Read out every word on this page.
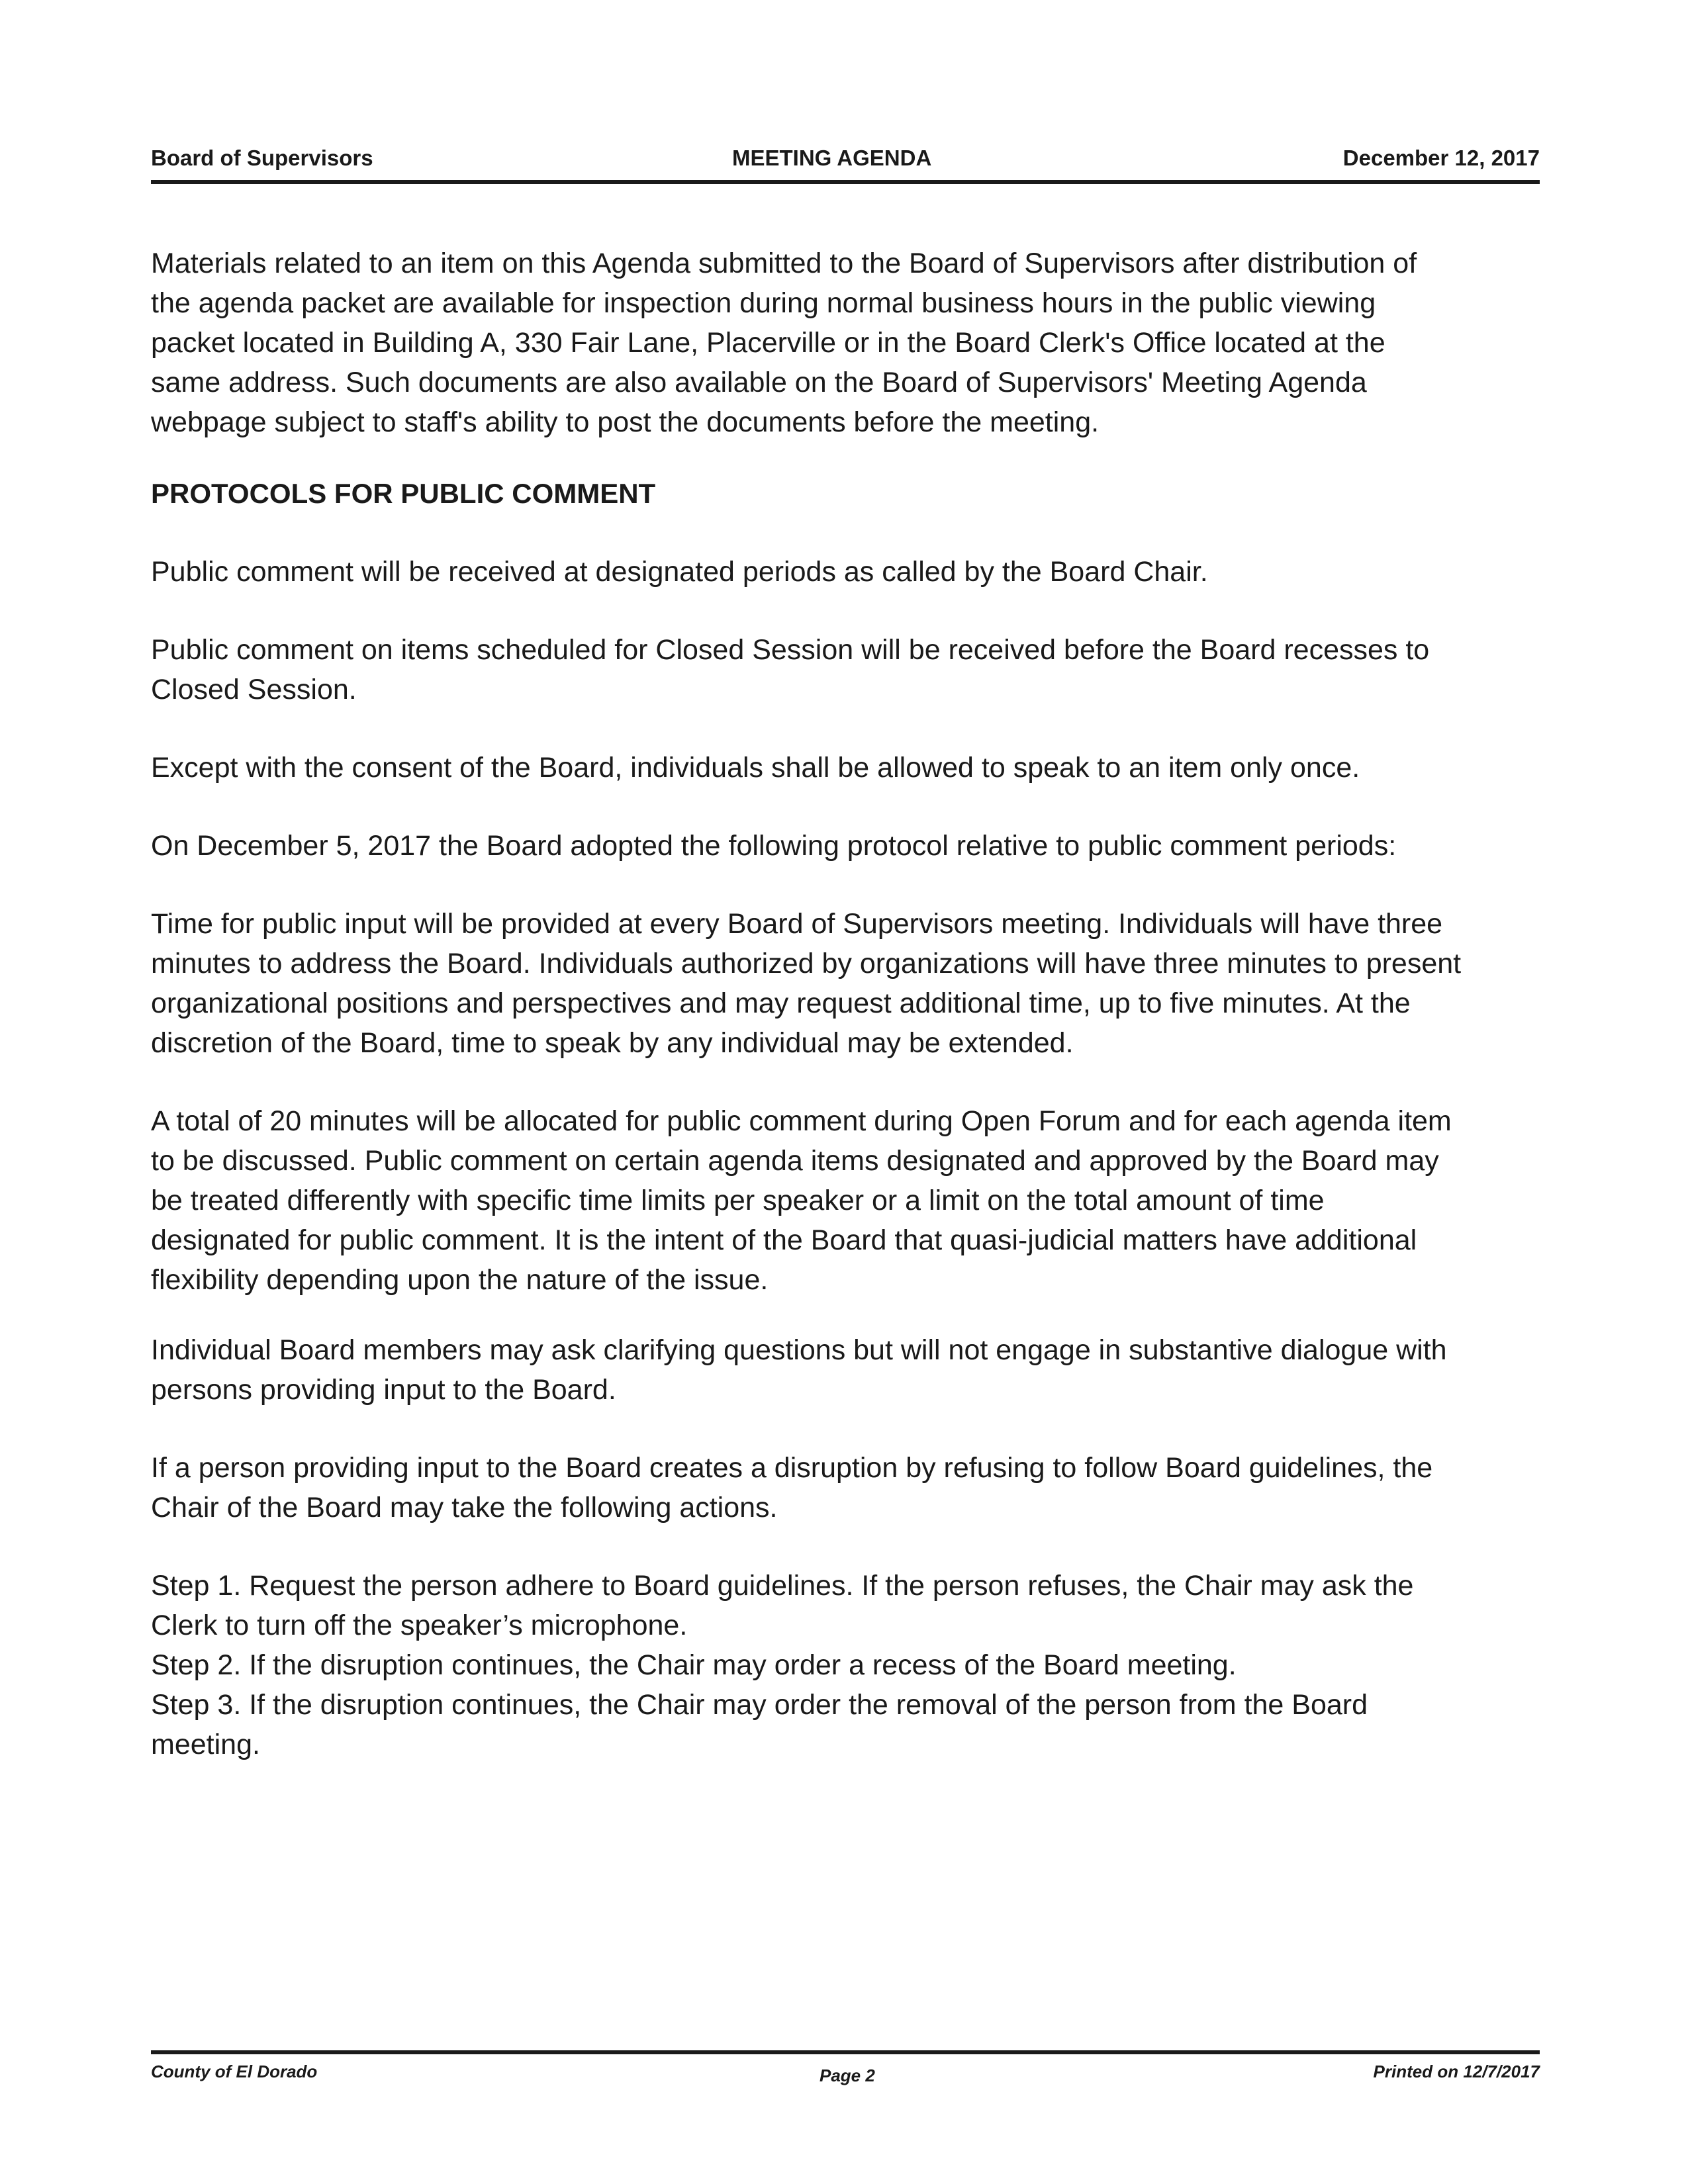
Board of Supervisors	MEETING AGENDA	December 12, 2017

Materials related to an item on this Agenda submitted to the Board of Supervisors after distribution of the agenda packet are available for inspection during normal business hours in the public viewing packet located in Building A, 330 Fair Lane, Placerville or in the Board Clerk's Office located at the same address. Such documents are also available on the Board of Supervisors' Meeting Agenda webpage subject to staff's ability to post the documents before the meeting.

PROTOCOLS FOR PUBLIC COMMENT

Public comment will be received at designated periods as called by the Board Chair.

Public comment on items scheduled for Closed Session will be received before the Board recesses to Closed Session.

Except with the consent of the Board, individuals shall be allowed to speak to an item only once.

On December 5, 2017 the Board adopted the following protocol relative to public comment periods:

Time for public input will be provided at every Board of Supervisors meeting. Individuals will have three minutes to address the Board. Individuals authorized by organizations will have three minutes to present organizational positions and perspectives and may request additional time, up to five minutes. At the discretion of the Board, time to speak by any individual may be extended.

A total of 20 minutes will be allocated for public comment during Open Forum and for each agenda item to be discussed. Public comment on certain agenda items designated and approved by the Board may be treated differently with specific time limits per speaker or a limit on the total amount of time designated for public comment. It is the intent of the Board that quasi-judicial matters have additional flexibility depending upon the nature of the issue.

Individual Board members may ask clarifying questions but will not engage in substantive dialogue with persons providing input to the Board.

If a person providing input to the Board creates a disruption by refusing to follow Board guidelines, the Chair of the Board may take the following actions.

Step 1. Request the person adhere to Board guidelines. If the person refuses, the Chair may ask the Clerk to turn off the speaker’s microphone.

Step 2. If the disruption continues, the Chair may order a recess of the Board meeting.

Step 3. If the disruption continues, the Chair may order the removal of the person from the Board meeting.

County of El Dorado	Page 2	Printed on 12/7/2017
